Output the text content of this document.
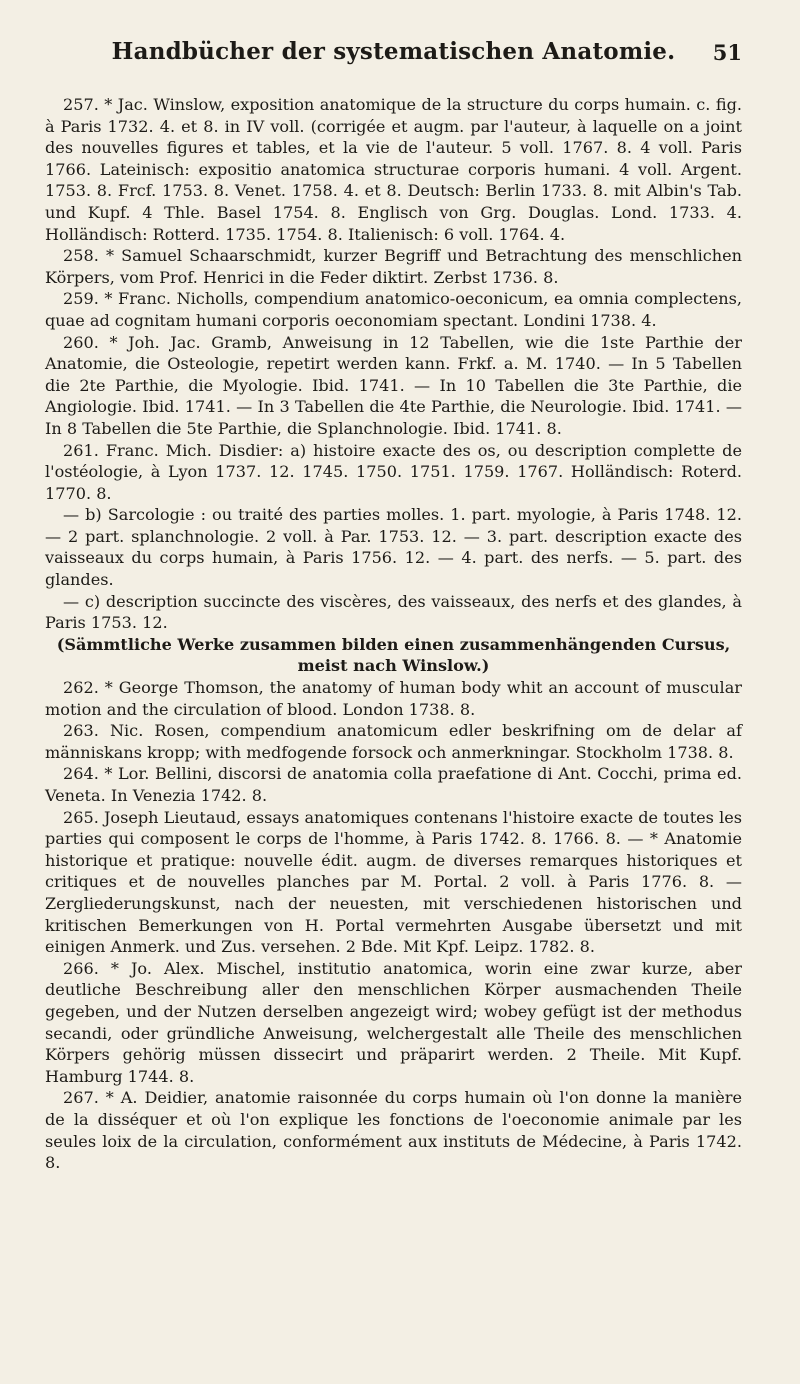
Handbücher der systematischen Anatomie.	51

257. * Jac. Winslow, exposition anatomique de la structure du corps humain. c. fig. à Paris 1732. 4. et 8. in IV voll. (corrigée et augm. par l'auteur, à laquelle on a joint des nouvelles figures et tables, et la vie de l'auteur. 5 voll. 1767. 8. 4 voll. Paris 1766. Lateinisch: expositio anatomica structurae corporis humani. 4 voll. Argent. 1753. 8. Frcf. 1753. 8. Venet. 1758. 4. et 8. Deutsch: Berlin 1733. 8. mit Albin's Tab. und Kupf. 4 Thle. Basel 1754. 8. Englisch von Grg. Douglas. Lond. 1733. 4. Holländisch: Rotterd. 1735. 1754. 8. Italienisch: 6 voll. 1764. 4.

258. * Samuel Schaarschmidt, kurzer Begriff und Betrachtung des menschlichen Körpers, vom Prof. Henrici in die Feder diktirt. Zerbst 1736. 8.

259. * Franc. Nicholls, compendium anatomico-oeconicum, ea omnia complectens, quae ad cognitam humani corporis oeconomiam spectant. Londini 1738. 4.

260. * Joh. Jac. Gramb, Anweisung in 12 Tabellen, wie die 1ste Parthie der Anatomie, die Osteologie, repetirt werden kann. Frkf. a. M. 1740. — In 5 Tabellen die 2te Parthie, die Myologie. Ibid. 1741. — In 10 Tabellen die 3te Parthie, die Angiologie. Ibid. 1741. — In 3 Tabellen die 4te Parthie, die Neurologie. Ibid. 1741. — In 8 Tabellen die 5te Parthie, die Splanchnologie. Ibid. 1741. 8.

261. Franc. Mich. Disdier: a) histoire exacte des os, ou description complette de l'ostéologie, à Lyon 1737. 12. 1745. 1750. 1751. 1759. 1767. Holländisch: Roterd. 1770. 8.

— b) Sarcologie : ou traité des parties molles. 1. part. myologie, à Paris 1748. 12. — 2 part. splanchnologie. 2 voll. à Par. 1753. 12. — 3. part. description exacte des vaisseaux du corps humain, à Paris 1756. 12. — 4. part. des nerfs. — 5. part. des glandes.

— c) description succincte des viscères, des vaisseaux, des nerfs et des glandes, à Paris 1753. 12.

(Sämmtliche Werke zusammen bilden einen zusammenhängenden Cursus, meist nach Winslow.)

262. * George Thomson, the anatomy of human body whit an account of muscular motion and the circulation of blood. London 1738. 8.

263. Nic. Rosen, compendium anatomicum edler beskrifning om de delar af människans kropp; with medfogende forsock och anmerkningar. Stockholm 1738. 8.

264. * Lor. Bellini, discorsi de anatomia colla praefatione di Ant. Cocchi, prima ed. Veneta. In Venezia 1742. 8.

265. Joseph Lieutaud, essays anatomiques contenans l'histoire exacte de toutes les parties qui composent le corps de l'homme, à Paris 1742. 8. 1766. 8. — * Anatomie historique et pratique: nouvelle édit. augm. de diverses remarques historiques et critiques et de nouvelles planches par M. Portal. 2 voll. à Paris 1776. 8. — Zergliederungskunst, nach der neuesten, mit verschiedenen historischen und kritischen Bemerkungen von H. Portal vermehrten Ausgabe übersetzt und mit einigen Anmerk. und Zus. versehen. 2 Bde. Mit Kpf. Leipz. 1782. 8.

266. * Jo. Alex. Mischel, institutio anatomica, worin eine zwar kurze, aber deutliche Beschreibung aller den menschlichen Körper ausmachenden Theile gegeben, und der Nutzen derselben angezeigt wird; wobey gefügt ist der methodus secandi, oder gründliche Anweisung, welchergestalt alle Theile des menschlichen Körpers gehörig müssen dissecirt und präparirt werden. 2 Theile. Mit Kupf. Hamburg 1744. 8.

267. * A. Deidier, anatomie raisonnée du corps humain où l'on donne la manière de la disséquer et où l'on explique les fonctions de l'oeconomie animale par les seules loix de la circulation, conformément aux instituts de Médecine, à Paris 1742. 8.
